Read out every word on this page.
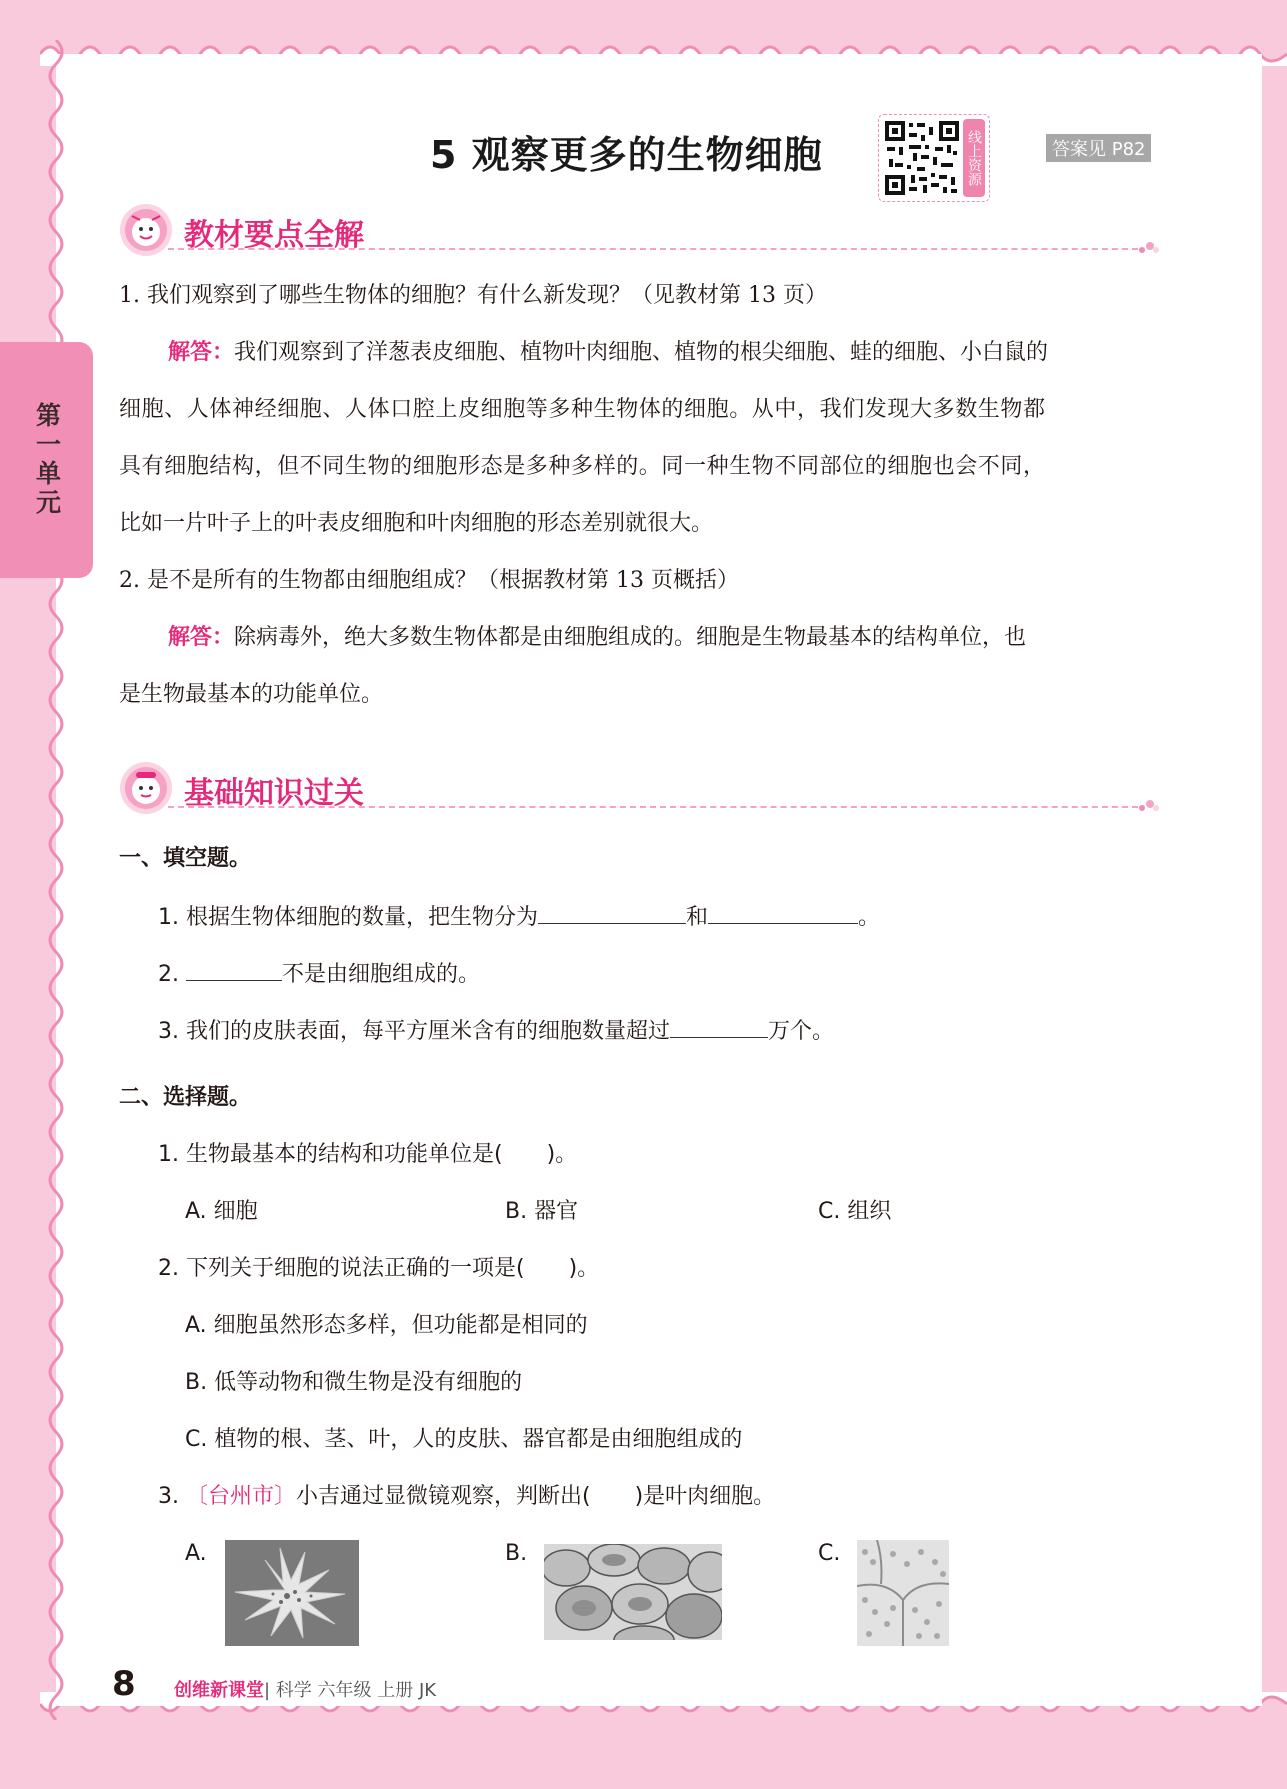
第一单元
5 观察更多的生物细胞	线上资源	答案见 P82
教材要点全解
1. 我们观察到了哪些生物体的细胞？有什么新发现？（见教材第 13 页）
解答：我们观察到了洋葱表皮细胞、植物叶肉细胞、植物的根尖细胞、蛙的细胞、小白鼠的
细胞、人体神经细胞、人体口腔上皮细胞等多种生物体的细胞。从中，我们发现大多数生物都
具有细胞结构，但不同生物的细胞形态是多种多样的。同一种生物不同部位的细胞也会不同，
比如一片叶子上的叶表皮细胞和叶肉细胞的形态差别就很大。
2. 是不是所有的生物都由细胞组成？（根据教材第 13 页概括）
解答：除病毒外，绝大多数生物体都是由细胞组成的。细胞是生物最基本的结构单位，也
是生物最基本的功能单位。
基础知识过关
一、填空题。
1. 根据生物体细胞的数量，把生物分为	和	。
2.	不是由细胞组成的。
3. 我们的皮肤表面，每平方厘米含有的细胞数量超过	万个。
二、选择题。
1. 生物最基本的结构和功能单位是(　　)。
A. 细胞	B. 器官	C. 组织
2. 下列关于细胞的说法正确的一项是(　　)。
A. 细胞虽然形态多样，但功能都是相同的
B. 低等动物和微生物是没有细胞的
C. 植物的根、茎、叶，人的皮肤、器官都是由细胞组成的
3. 〔台州市〕小吉通过显微镜观察，判断出(　　)是叶肉细胞。
A.	B.	C.
8 创维新课堂| 科学 六年级 上册 JK
